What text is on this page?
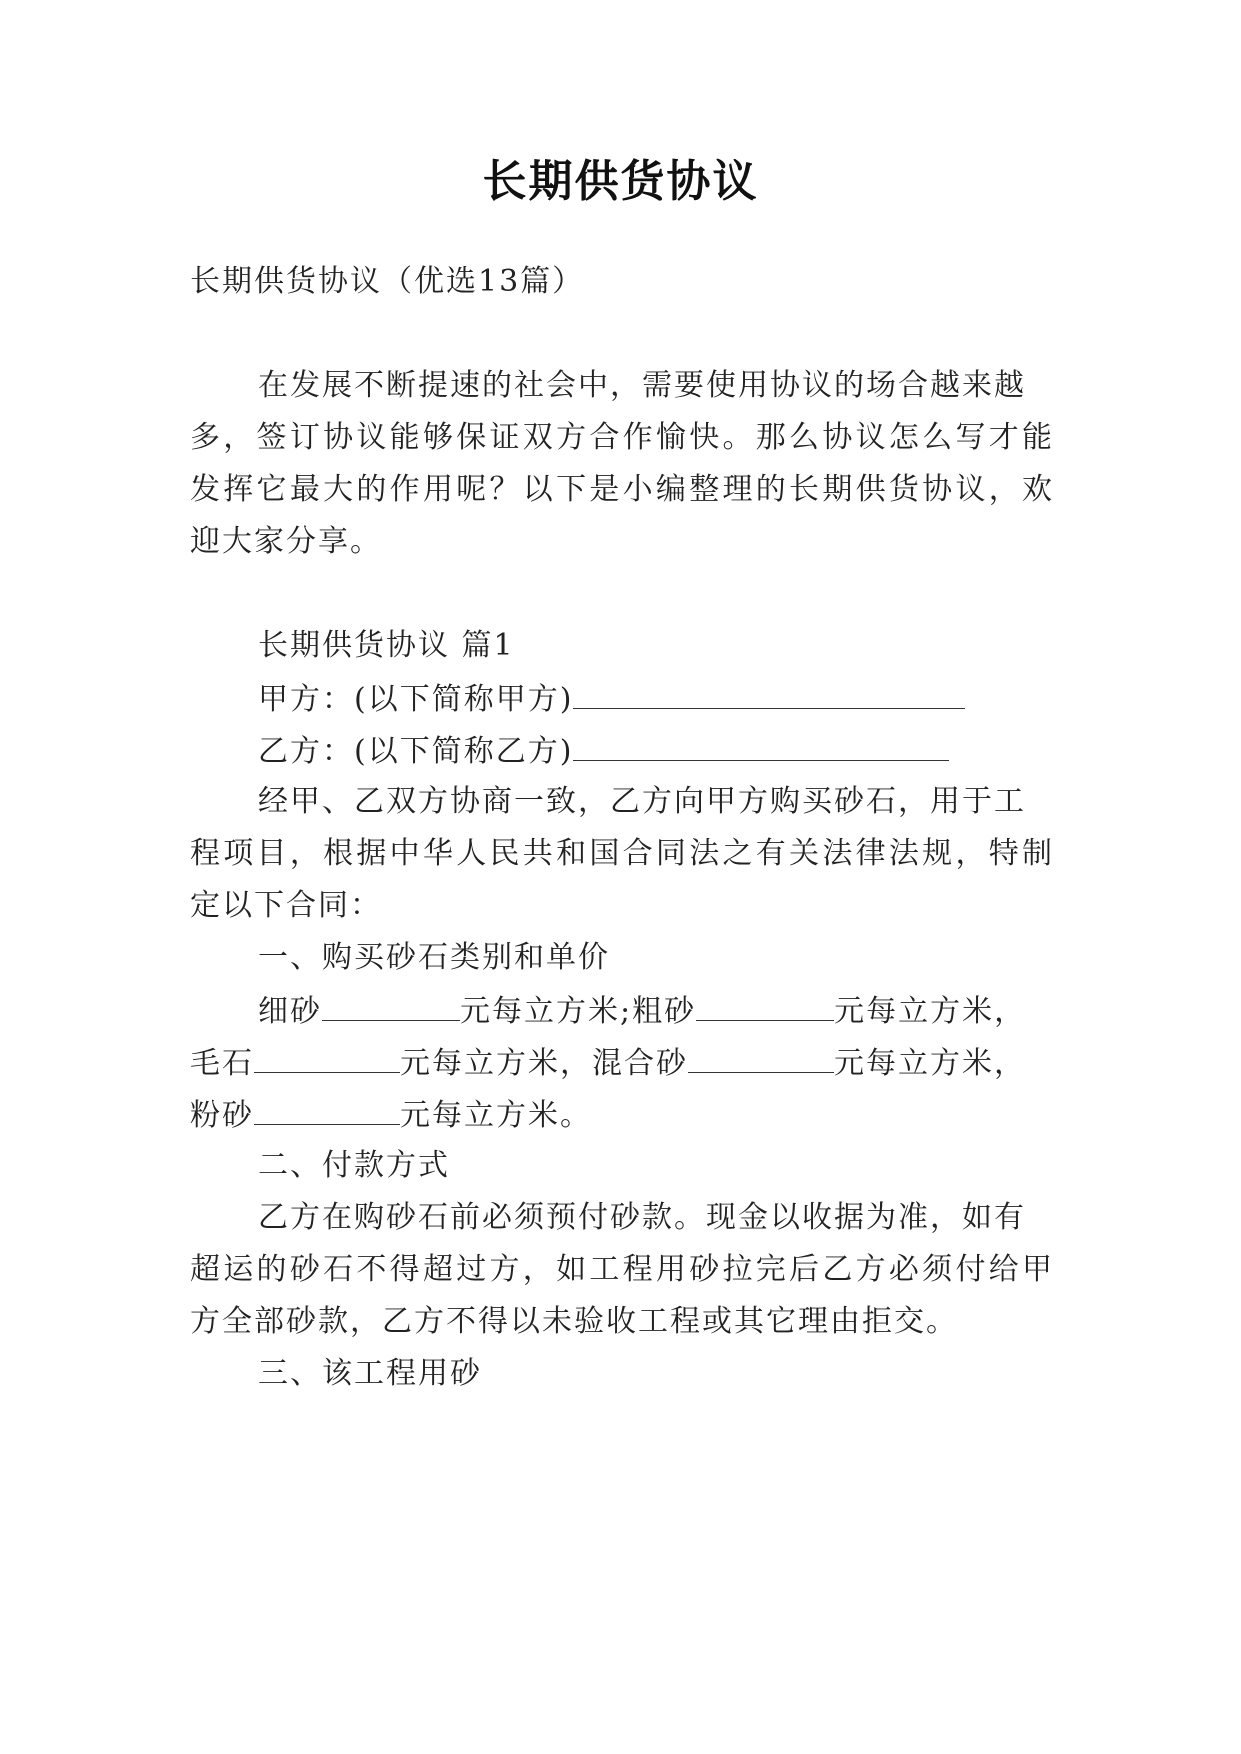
长期供货协议
长期供货协议（优选13篇）
在发展不断提速的社会中，需要使用协议的场合越来越
多，签订协议能够保证双方合作愉快。那么协议怎么写才能
发挥它最大的作用呢？以下是小编整理的长期供货协议，欢
迎大家分享。
长期供货协议 篇1
甲方：(以下简称甲方)
乙方：(以下简称乙方)
经甲、乙双方协商一致，乙方向甲方购买砂石，用于工
程项目，根据中华人民共和国合同法之有关法律法规，特制
定以下合同：
一、购买砂石类别和单价
细砂	元每立方米;粗砂	元每立方米，
毛石	元每立方米，混合砂	元每立方米，
粉砂	元每立方米。
二、付款方式
乙方在购砂石前必须预付砂款。现金以收据为准，如有
超运的砂石不得超过方，如工程用砂拉完后乙方必须付给甲
方全部砂款，乙方不得以未验收工程或其它理由拒交。
三、该工程用砂
